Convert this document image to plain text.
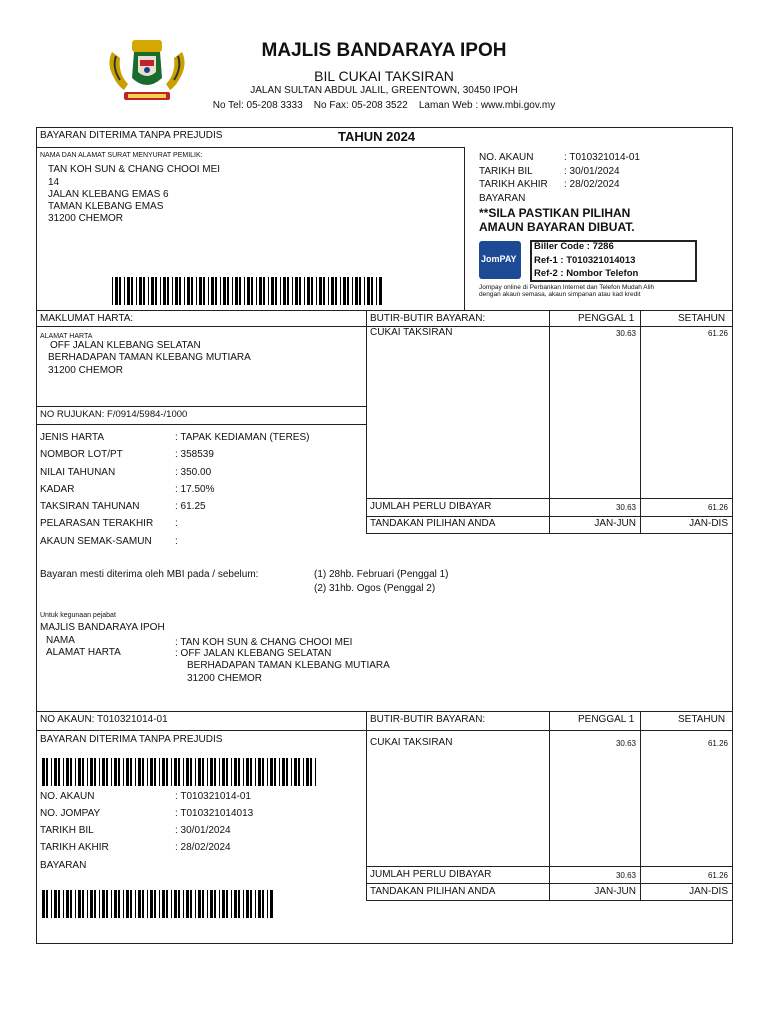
MAJLIS BANDARAYA IPOH
BIL CUKAI TAKSIRAN
JALAN SULTAN ABDUL JALIL, GREENTOWN, 30450 IPOH
No Tel: 05-208 3333    No Fax: 05-208 3522    Laman Web : www.mbi.gov.my
BAYARAN DITERIMA TANPA PREJUDIS	TAHUN 2024
NAMA DAN ALAMAT SURAT MENYURAT PEMILIK:
TAN KOH SUN & CHANG CHOOI MEI
14
JALAN KLEBANG EMAS 6
TAMAN KLEBANG EMAS
31200 CHEMOR
NO. AKAUN	: T010321014-01
TARIKH BIL	: 30/01/2024
TARIKH AKHIR : 28/02/2024
BAYARAN
**SILA PASTIKAN PILIHAN
AMAUN BAYARAN DIBUAT.
JomPAY
Biller Code : 7286
Ref-1 : T010321014013
Ref-2 : Nombor Telefon
Jompay online di Perbankan Internet dan Telefon Mudah Alih
dengan akaun semasa, akaun simpanan atau kad kredit
MAKLUMAT HARTA:	BUTIR-BUTIR BAYARAN:	PENGGAL 1	SETAHUN
ALAMAT HARTA
OFF JALAN KLEBANG SELATAN
BERHADAPAN TAMAN KLEBANG MUTIARA
31200 CHEMOR
CUKAI TAKSIRAN	30.63	61.26
NO RUJUKAN: F/0914/5984-/1000
JENIS HARTA	: TAPAK KEDIAMAN (TERES)
NOMBOR LOT/PT	: 358539
NILAI TAHUNAN	: 350.00
KADAR	: 17.50%
TAKSIRAN TAHUNAN	: 61.25
PELARASAN TERAKHIR :
AKAUN SEMAK-SAMUN :
JUMLAH PERLU DIBAYAR	30.63	61.26
TANDAKAN PILIHAN ANDA	JAN-JUN	JAN-DIS
Bayaran mesti diterima oleh MBI pada / sebelum:	(1) 28hb. Februari (Penggal 1)
(2) 31hb. Ogos (Penggal 2)
Untuk kegunaan pejabat
MAJLIS BANDARAYA IPOH
NAMA	: TAN KOH SUN & CHANG CHOOI MEI
ALAMAT HARTA	: OFF JALAN KLEBANG SELATAN
BERHADAPAN TAMAN KLEBANG MUTIARA
31200 CHEMOR
NO AKAUN: T010321014-01	BUTIR-BUTIR BAYARAN:	PENGGAL 1	SETAHUN
BAYARAN DITERIMA TANPA PREJUDIS	CUKAI TAKSIRAN	30.63	61.26
NO. AKAUN	: T010321014-01
NO. JOMPAY	: T010321014013
TARIKH BIL	: 30/01/2024
TARIKH AKHIR	: 28/02/2024
BAYARAN
JUMLAH PERLU DIBAYAR	30.63	61.26
TANDAKAN PILIHAN ANDA	JAN-JUN	JAN-DIS
